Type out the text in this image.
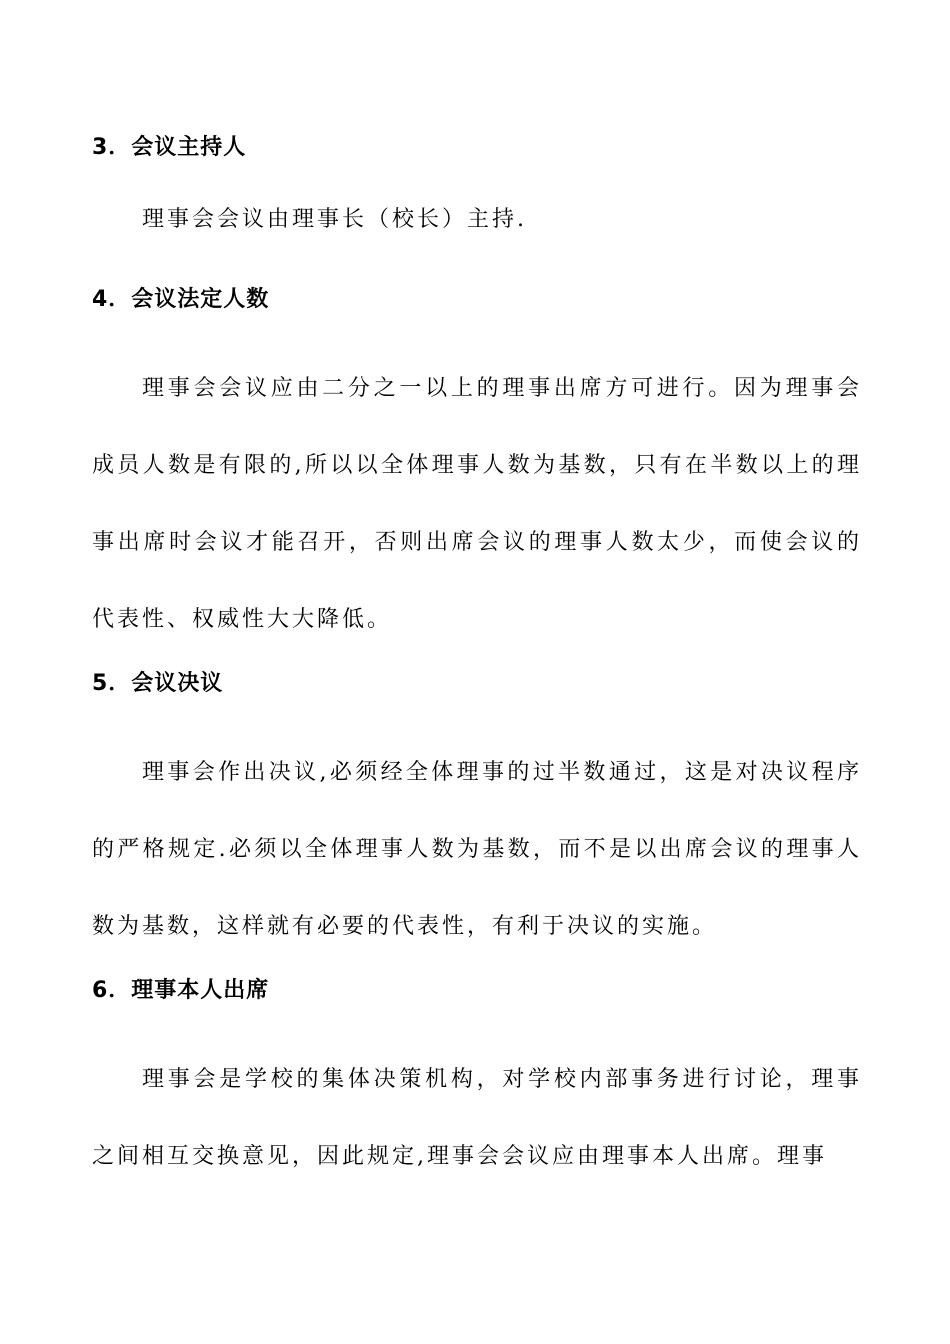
3．会议主持人

理事会会议由理事长（校长）主持.

4．会议法定人数

理事会会议应由二分之一以上的理事出席方可进行。因为理事会成员人数是有限的,所以以全体理事人数为基数，只有在半数以上的理事出席时会议才能召开，否则出席会议的理事人数太少，而使会议的代表性、权威性大大降低。

5．会议决议

理事会作出决议,必须经全体理事的过半数通过，这是对决议程序的严格规定.必须以全体理事人数为基数，而不是以出席会议的理事人数为基数，这样就有必要的代表性，有利于决议的实施。

6．理事本人出席

理事会是学校的集体决策机构，对学校内部事务进行讨论，理事之间相互交换意见，因此规定,理事会会议应由理事本人出席。理事
